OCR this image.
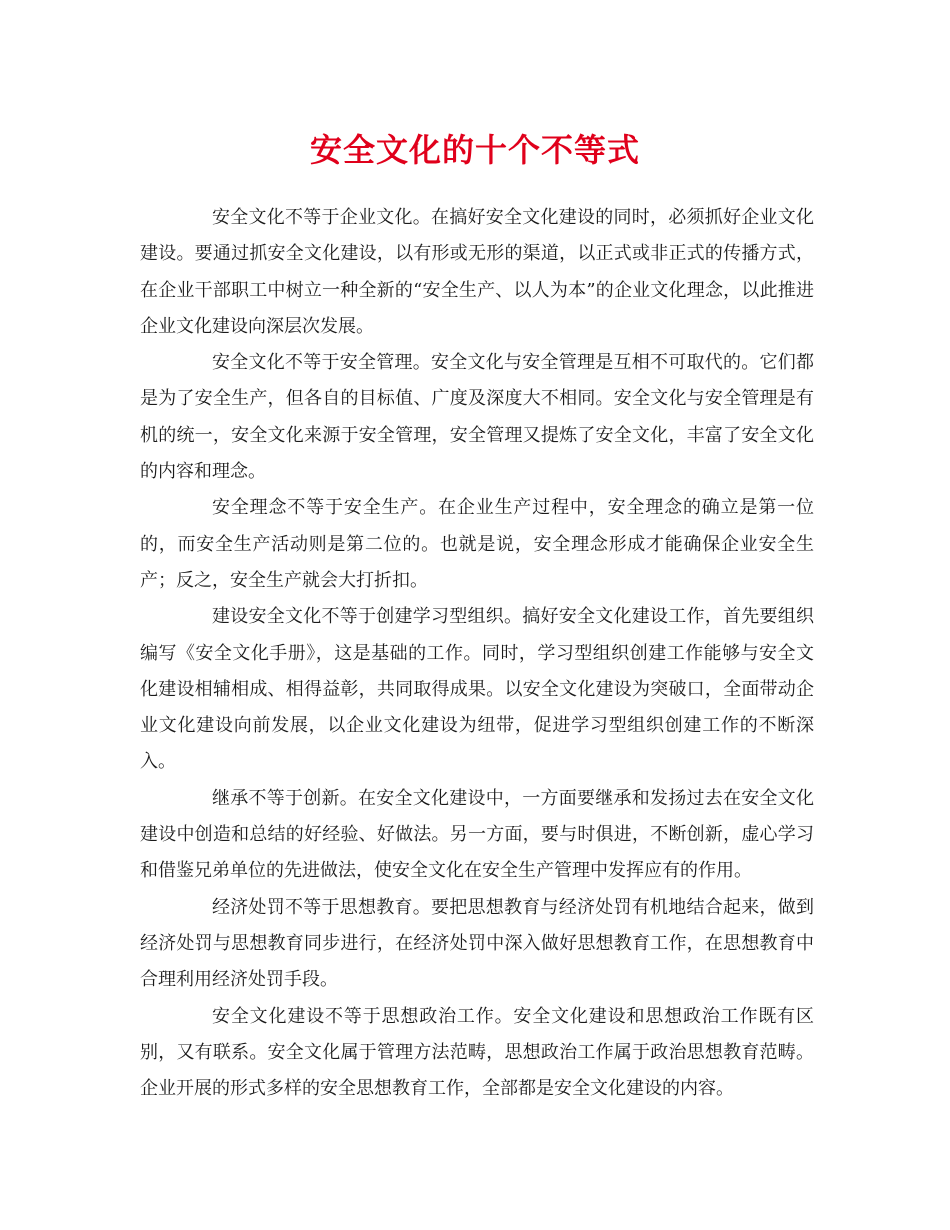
安全文化的十个不等式

安全文化不等于企业文化。在搞好安全文化建设的同时，必须抓好企业文化建设。要通过抓安全文化建设，以有形或无形的渠道，以正式或非正式的传播方式，在企业干部职工中树立一种全新的“安全生产、以人为本”的企业文化理念，以此推进企业文化建设向深层次发展。

安全文化不等于安全管理。安全文化与安全管理是互相不可取代的。它们都是为了安全生产，但各自的目标值、广度及深度大不相同。安全文化与安全管理是有机的统一，安全文化来源于安全管理，安全管理又提炼了安全文化，丰富了安全文化的内容和理念。

安全理念不等于安全生产。在企业生产过程中，安全理念的确立是第一位的，而安全生产活动则是第二位的。也就是说，安全理念形成才能确保企业安全生产；反之，安全生产就会大打折扣。

建设安全文化不等于创建学习型组织。搞好安全文化建设工作，首先要组织编写《安全文化手册》，这是基础的工作。同时，学习型组织创建工作能够与安全文化建设相辅相成、相得益彰，共同取得成果。以安全文化建设为突破口，全面带动企业文化建设向前发展，以企业文化建设为纽带，促进学习型组织创建工作的不断深入。

继承不等于创新。在安全文化建设中，一方面要继承和发扬过去在安全文化建设中创造和总结的好经验、好做法。另一方面，要与时俱进，不断创新，虚心学习和借鉴兄弟单位的先进做法，使安全文化在安全生产管理中发挥应有的作用。

经济处罚不等于思想教育。要把思想教育与经济处罚有机地结合起来，做到经济处罚与思想教育同步进行，在经济处罚中深入做好思想教育工作，在思想教育中合理利用经济处罚手段。

安全文化建设不等于思想政治工作。安全文化建设和思想政治工作既有区别，又有联系。安全文化属于管理方法范畴，思想政治工作属于政治思想教育范畴。企业开展的形式多样的安全思想教育工作，全部都是安全文化建设的内容。
